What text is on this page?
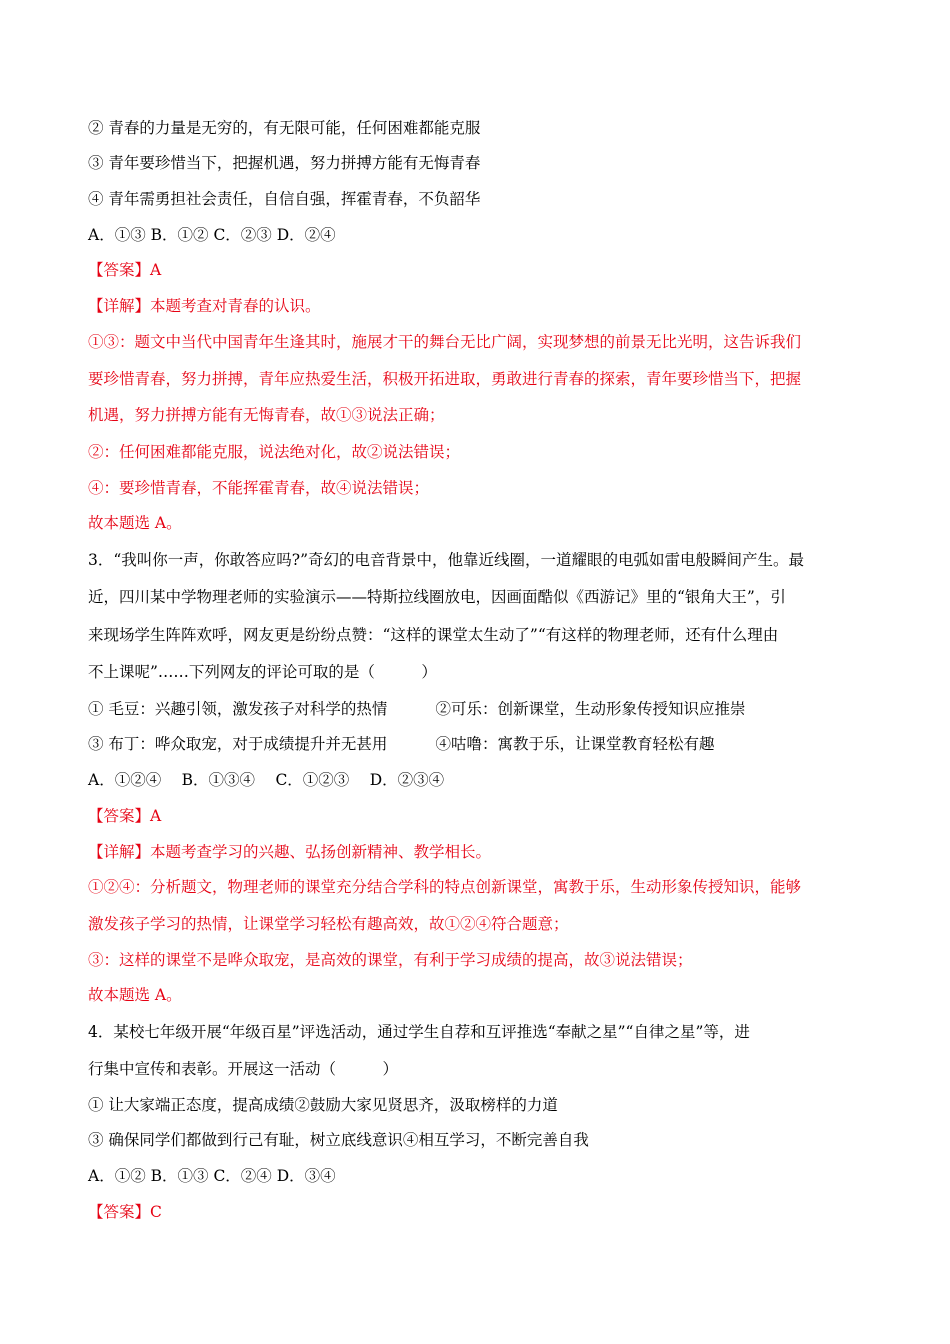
② 青春的力量是无穷的，有无限可能，任何困难都能克服
③ 青年要珍惜当下，把握机遇，努力拼搏方能有无悔青春
④ 青年需勇担社会责任，自信自强，挥霍青春，不负韶华
A．①③ B．①② C．②③ D．②④
【答案】A
【详解】本题考查对青春的认识。
①③：题文中当代中国青年生逢其时，施展才干的舞台无比广阔，实现梦想的前景无比光明，这告诉我们
要珍惜青春，努力拼搏，青年应热爱生活，积极开拓进取，勇敢进行青春的探索，青年要珍惜当下，把握
机遇，努力拼搏方能有无悔青春，故①③说法正确；
②：任何困难都能克服，说法绝对化，故②说法错误；
④：要珍惜青春，不能挥霍青春，故④说法错误；
故本题选 A。
3．“我叫你一声，你敢答应吗?”奇幻的电音背景中，他靠近线圈，一道耀眼的电弧如雷电般瞬间产生。最
近，四川某中学物理老师的实验演示——特斯拉线圈放电，因画面酷似《西游记》里的“银角大王”，引
来现场学生阵阵欢呼，网友更是纷纷点赞：“这样的课堂太生动了”“有这样的物理老师，还有什么理由
不上课呢”……下列网友的评论可取的是（　　　）
① 毛豆：兴趣引领，激发孩子对科学的热情	②可乐：创新课堂，生动形象传授知识应推崇
③ 布丁：哗众取宠，对于成绩提升并无甚用	④咕噜：寓教于乐，让课堂教育轻松有趣
A．①②④　 B．①③④　 C．①②③　 D．②③④
【答案】A
【详解】本题考查学习的兴趣、弘扬创新精神、教学相长。
①②④：分析题文，物理老师的课堂充分结合学科的特点创新课堂，寓教于乐，生动形象传授知识，能够
激发孩子学习的热情，让课堂学习轻松有趣高效，故①②④符合题意；
③：这样的课堂不是哗众取宠，是高效的课堂，有利于学习成绩的提高，故③说法错误；
故本题选 A。
4．某校七年级开展“年级百星”评选活动，通过学生自荐和互评推选“奉献之星”“自律之星”等，进
行集中宣传和表彰。开展这一活动（　　　）
① 让大家端正态度，提高成绩②鼓励大家见贤思齐，汲取榜样的力道
③ 确保同学们都做到行己有耻，树立底线意识④相互学习，不断完善自我
A．①② B．①③ C．②④ D．③④
【答案】C
